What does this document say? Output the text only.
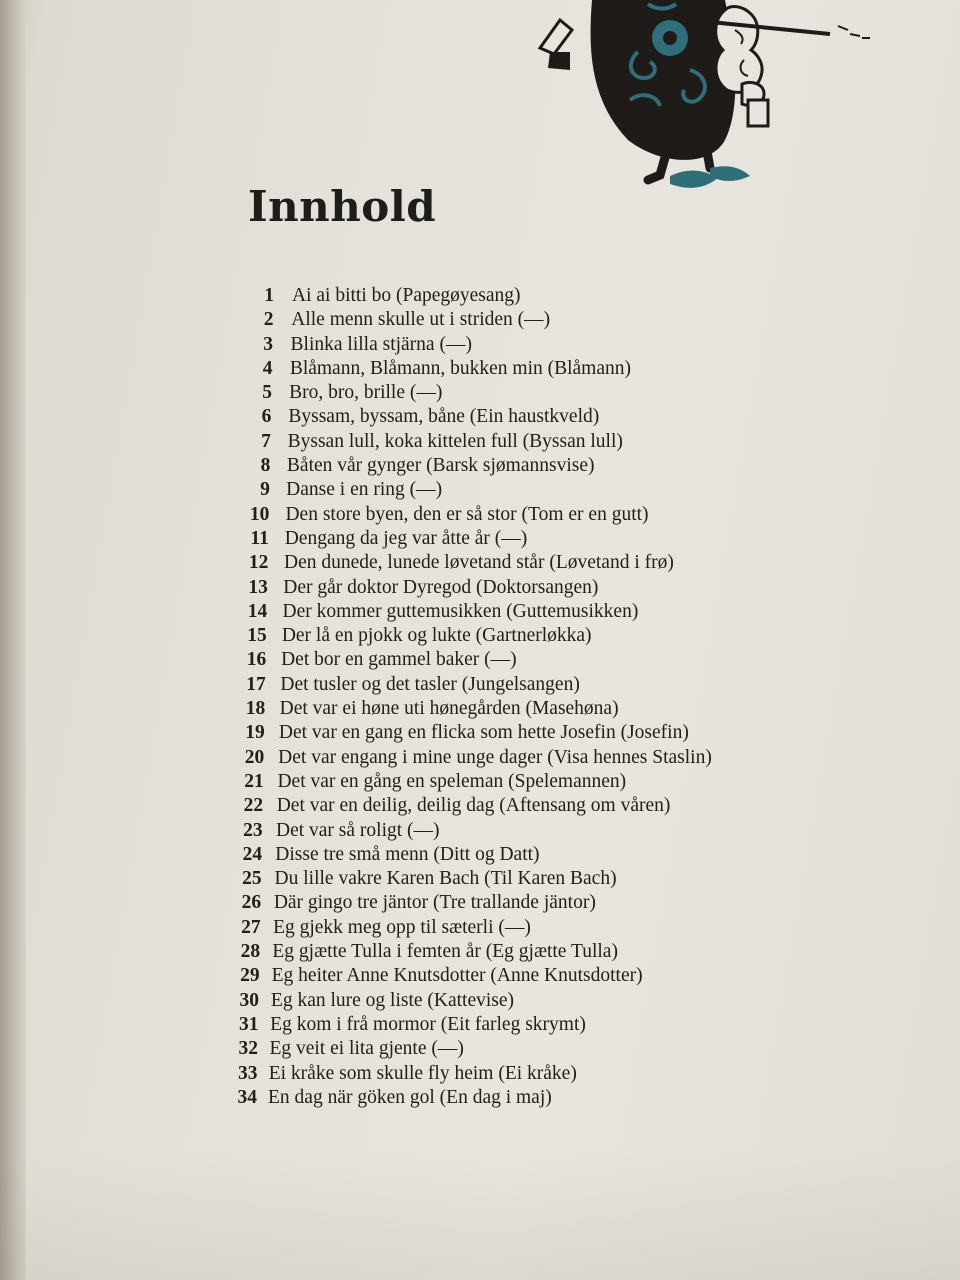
Innhold
1 Ai ai bitti bo (Papegøyesang)
2 Alle menn skulle ut i striden (—)
3 Blinka lilla stjärna (—)
4 Blåmann, Blåmann, bukken min (Blåmann)
5 Bro, bro, brille (—)
6 Byssam, byssam, båne (Ein haustkveld)
7 Byssan lull, koka kittelen full (Byssan lull)
8 Båten vår gynger (Barsk sjømannsvise)
9 Danse i en ring (—)
10 Den store byen, den er så stor (Tom er en gutt)
11 Dengang da jeg var åtte år (—)
12 Den dunede, lunede løvetand står (Løvetand i frø)
13 Der går doktor Dyregod (Doktorsangen)
14 Der kommer guttemusikken (Guttemusikken)
15 Der lå en pjokk og lukte (Gartnerløkka)
16 Det bor en gammel baker (—)
17 Det tusler og det tasler (Jungelsangen)
18 Det var ei høne uti hønegården (Masehøna)
19 Det var en gang en flicka som hette Josefin (Josefin)
20 Det var engang i mine unge dager (Visa hennes Staslin)
21 Det var en gång en speleman (Spelemannen)
22 Det var en deilig, deilig dag (Aftensang om våren)
23 Det var så roligt (—)
24 Disse tre små menn (Ditt og Datt)
25 Du lille vakre Karen Bach (Til Karen Bach)
26 Där gingo tre jäntor (Tre trallande jäntor)
27 Eg gjekk meg opp til sæterli (—)
28 Eg gjætte Tulla i femten år (Eg gjætte Tulla)
29 Eg heiter Anne Knutsdotter (Anne Knutsdotter)
30 Eg kan lure og liste (Kattevise)
31 Eg kom i frå mormor (Eit farleg skrymt)
32 Eg veit ei lita gjente (—)
33 Ei kråke som skulle fly heim (Ei kråke)
34 En dag när göken gol (En dag i maj)
